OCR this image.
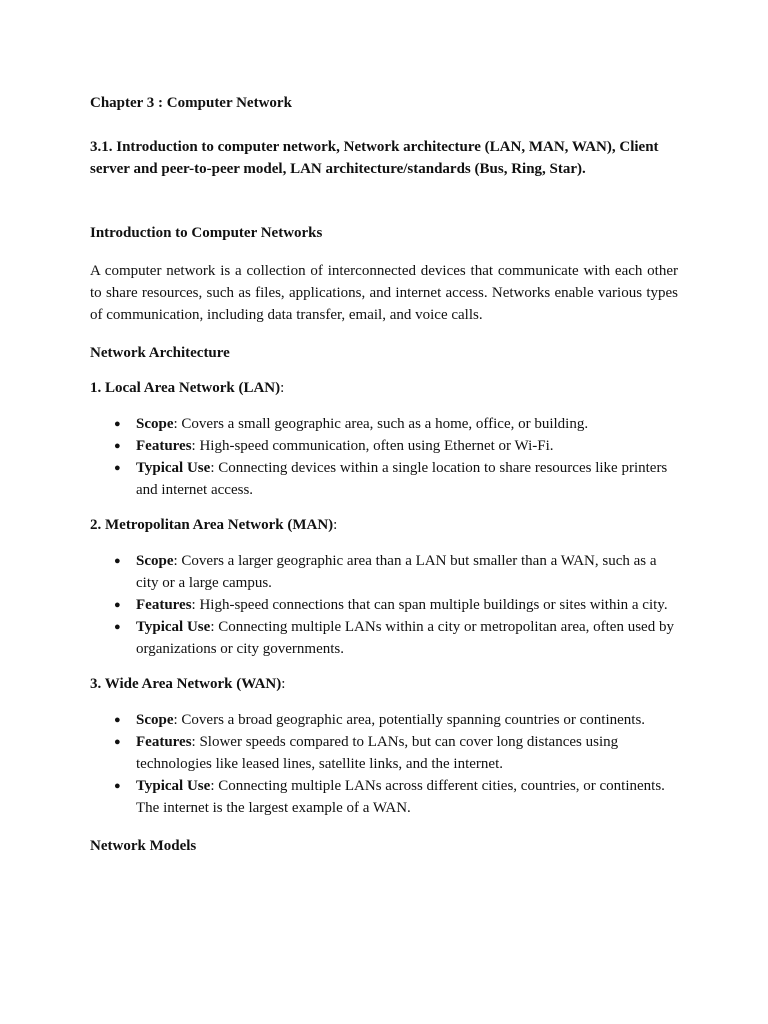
Chapter 3 : Computer Network
3.1. Introduction to computer network, Network architecture (LAN, MAN, WAN), Client server and peer-to-peer model, LAN architecture/standards (Bus, Ring, Star).
Introduction to Computer Networks

A computer network is a collection of interconnected devices that communicate with each other to share resources, such as files, applications, and internet access. Networks enable various types of communication, including data transfer, email, and voice calls.

Network Architecture
1. Local Area Network (LAN):
● Scope: Covers a small geographic area, such as a home, office, or building.
● Features: High-speed communication, often using Ethernet or Wi-Fi.
● Typical Use: Connecting devices within a single location to share resources like printers and internet access.
2. Metropolitan Area Network (MAN):
● Scope: Covers a larger geographic area than a LAN but smaller than a WAN, such as a city or a large campus.
● Features: High-speed connections that can span multiple buildings or sites within a city.
● Typical Use: Connecting multiple LANs within a city or metropolitan area, often used by organizations or city governments.
3. Wide Area Network (WAN):
● Scope: Covers a broad geographic area, potentially spanning countries or continents.
● Features: Slower speeds compared to LANs, but can cover long distances using technologies like leased lines, satellite links, and the internet.
● Typical Use: Connecting multiple LANs across different cities, countries, or continents. The internet is the largest example of a WAN.
Network Models
